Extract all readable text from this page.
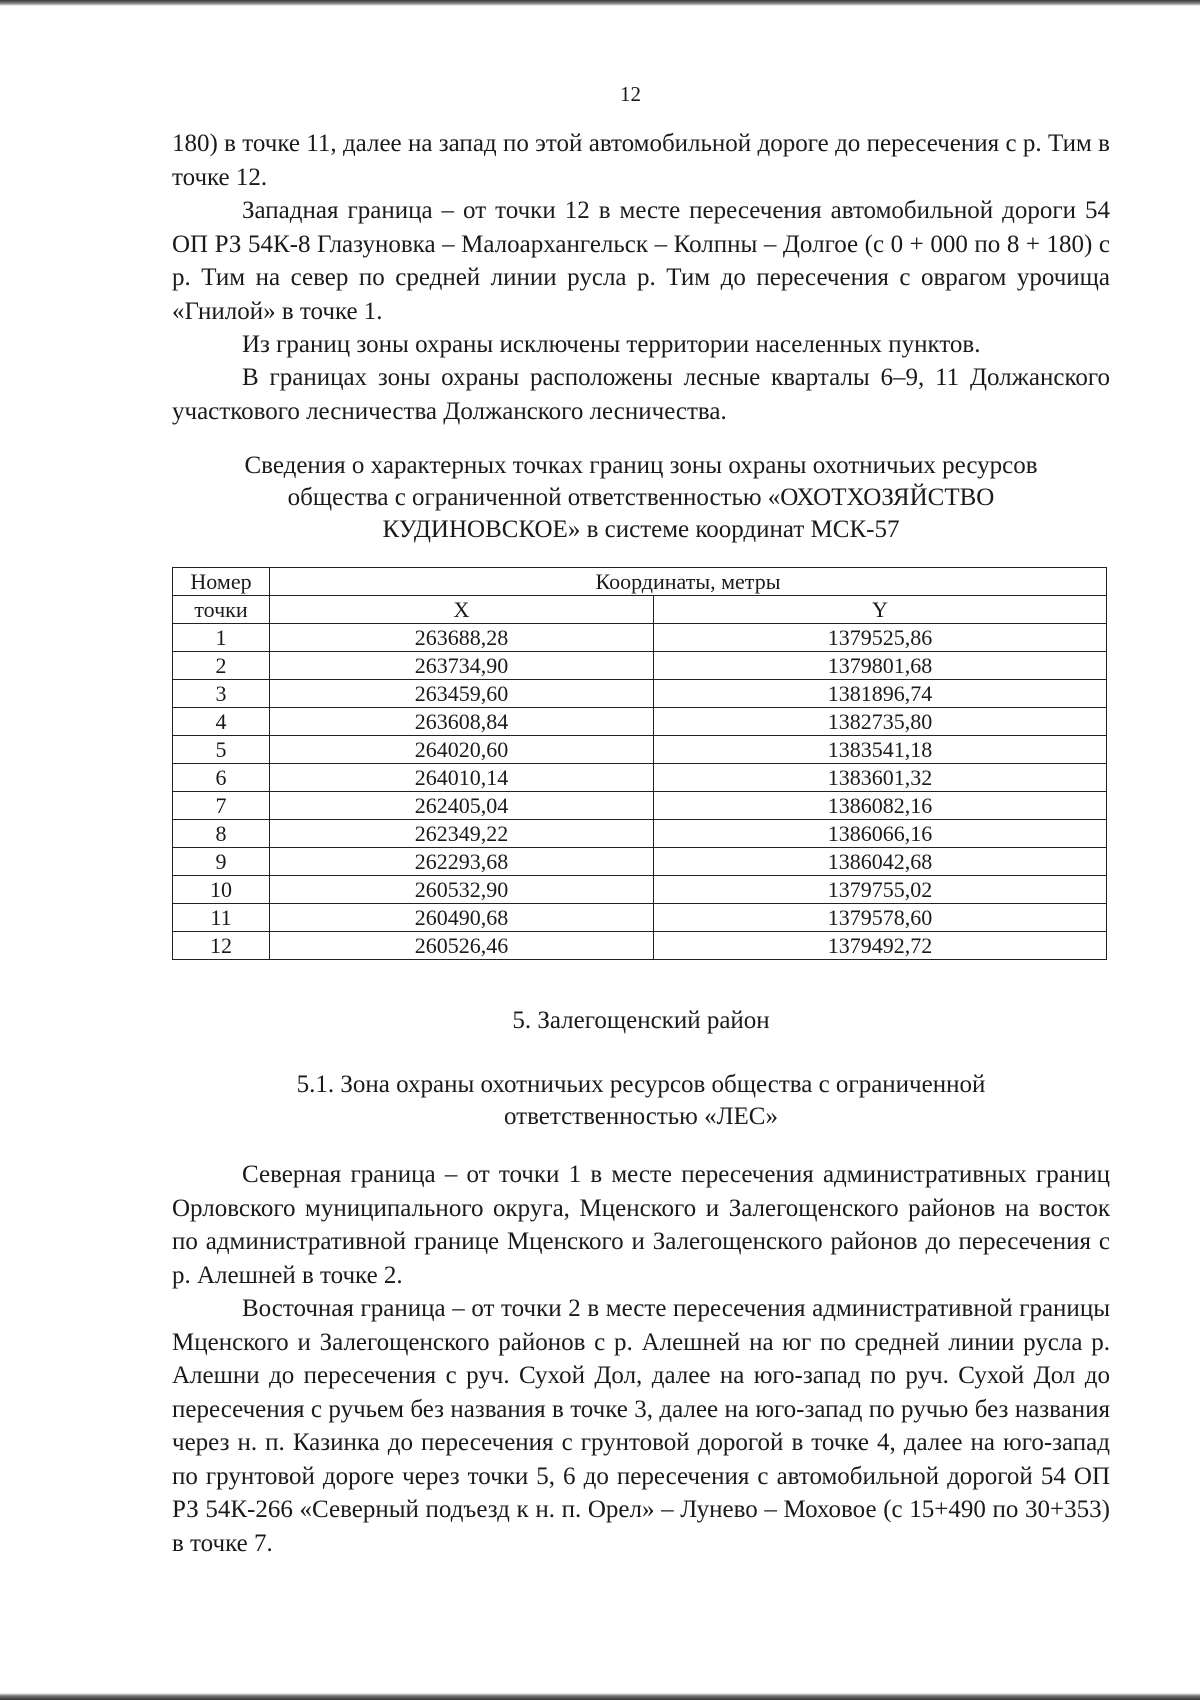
12

180) в точке 11, далее на запад по этой автомобильной дороге до пересечения с р. Тим в точке 12.

Западная граница – от точки 12 в месте пересечения автомобильной дороги 54 ОП РЗ 54К-8 Глазуновка – Малоархангельск – Колпны – Долгое (с 0 + 000 по 8 + 180) с р. Тим на север по средней линии русла р. Тим до пересечения с оврагом урочища «Гнилой» в точке 1.

Из границ зоны охраны исключены территории населенных пунктов.

В границах зоны охраны расположены лесные кварталы 6–9, 11 Должанского участкового лесничества Должанского лесничества.

Сведения о характерных точках границ зоны охраны охотничьих ресурсов
общества с ограниченной ответственностью «ОХОТХОЗЯЙСТВО
КУДИНОВСКОЕ» в системе координат МСК-57
Номер	Координаты, метры	
точки	X	Y
1	263688,28	1379525,86
2	263734,90	1379801,68
3	263459,60	1381896,74
4	263608,84	1382735,80
5	264020,60	1383541,18
6	264010,14	1383601,32
7	262405,04	1386082,16
8	262349,22	1386066,16
9	262293,68	1386042,68
10	260532,90	1379755,02
11	260490,68	1379578,60
12	260526,46	1379492,72
5. Залегощенский район
5.1. Зона охраны охотничьих ресурсов общества с ограниченной
ответственностью «ЛЕС»

Северная граница – от точки 1 в месте пересечения административных границ Орловского муниципального округа, Мценского и Залегощенского районов на восток по административной границе Мценского и Залегощенского районов до пересечения с р. Алешней в точке 2.

Восточная граница – от точки 2 в месте пересечения административной границы Мценского и Залегощенского районов с р. Алешней на юг по средней линии русла р. Алешни до пересечения с руч. Сухой Дол, далее на юго-запад по руч. Сухой Дол до пересечения с ручьем без названия в точке 3, далее на юго-запад по ручью без названия через н. п. Казинка до пересечения с грунтовой дорогой в точке 4, далее на юго-запад по грунтовой дороге через точки 5, 6 до пересечения с автомобильной дорогой 54 ОП РЗ 54К-266 «Северный подъезд к н. п. Орел» – Лунево – Моховое (с 15+490 по 30+353) в точке 7.
